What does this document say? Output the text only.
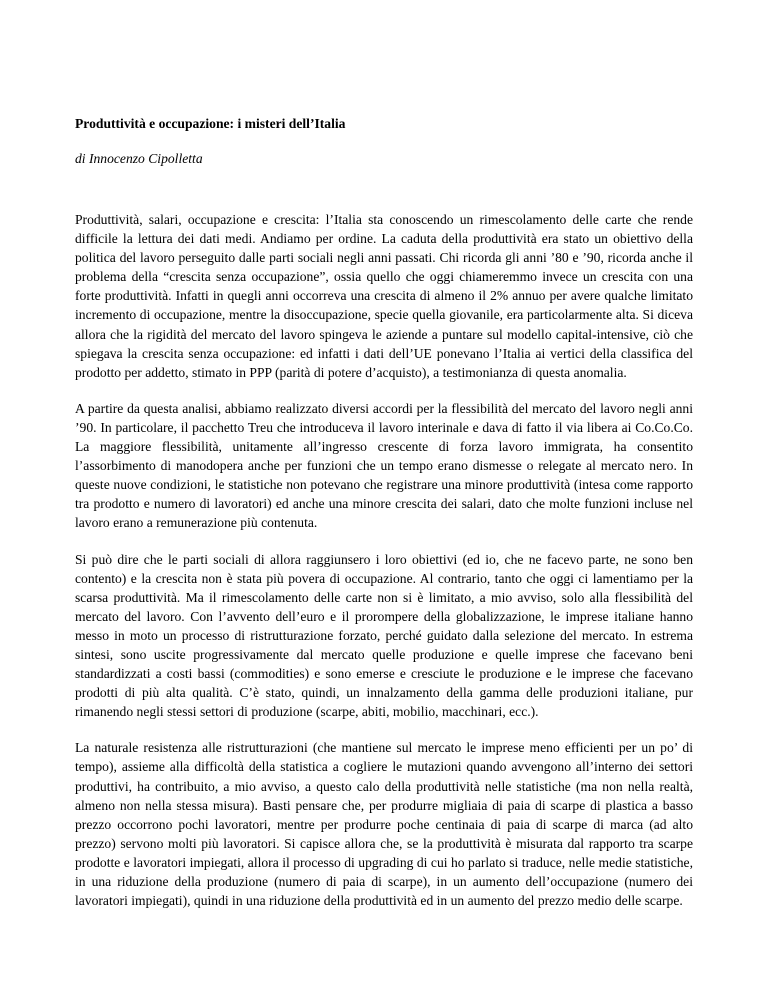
Produttività e occupazione: i misteri dell’Italia
di Innocenzo Cipolletta
Produttività, salari, occupazione e crescita: l’Italia sta conoscendo un rimescolamento delle carte che rende difficile la lettura dei dati medi. Andiamo per ordine. La caduta della produttività era stato un obiettivo della politica del lavoro perseguito dalle parti sociali negli anni passati. Chi ricorda gli anni ’80 e ’90, ricorda anche il problema della “crescita senza occupazione”, ossia quello che oggi chiameremmo invece un crescita con una forte produttività. Infatti in quegli anni occorreva una crescita di almeno il 2% annuo per avere qualche limitato incremento di occupazione, mentre la disoccupazione, specie quella giovanile, era particolarmente alta. Si diceva allora che la rigidità del mercato del lavoro spingeva le aziende a puntare sul modello capital-intensive, ciò che spiegava la crescita senza occupazione: ed infatti i dati dell’UE ponevano l’Italia ai vertici della classifica del prodotto per addetto, stimato in PPP (parità di potere d’acquisto), a testimonianza di questa anomalia.
A partire da questa analisi, abbiamo realizzato diversi accordi per la flessibilità del mercato del lavoro negli anni ’90. In particolare, il pacchetto Treu che introduceva il lavoro interinale e dava di fatto il via libera ai Co.Co.Co. La maggiore flessibilità, unitamente all’ingresso crescente di forza lavoro immigrata, ha consentito l’assorbimento di manodopera anche per funzioni che un tempo erano dismesse o relegate al mercato nero. In queste nuove condizioni, le statistiche non potevano che registrare una minore produttività (intesa come rapporto tra prodotto e numero di lavoratori) ed anche una minore crescita dei salari, dato che molte funzioni incluse nel lavoro erano a remunerazione più contenuta.
Si può dire che le parti sociali di allora raggiunsero i loro obiettivi (ed io, che ne facevo parte, ne sono ben contento) e la crescita non è stata più povera di occupazione. Al contrario, tanto che oggi ci lamentiamo per la scarsa produttività. Ma il rimescolamento delle carte non si è limitato, a mio avviso, solo alla flessibilità del mercato del lavoro. Con l’avvento dell’euro e il prorompere della globalizzazione, le imprese italiane hanno messo in moto un processo di ristrutturazione forzato, perché guidato dalla selezione del mercato. In estrema sintesi, sono uscite progressivamente dal mercato quelle produzione e quelle imprese che facevano beni standardizzati a costi bassi (commodities) e sono emerse e cresciute le produzione e le imprese che facevano prodotti di più alta qualità. C’è stato, quindi, un innalzamento della gamma delle produzioni italiane, pur rimanendo negli stessi settori di produzione (scarpe, abiti, mobilio, macchinari, ecc.).
La naturale resistenza alle ristrutturazioni (che mantiene sul mercato le imprese meno efficienti per un po’ di tempo), assieme alla difficoltà della statistica a cogliere le mutazioni quando avvengono all’interno dei settori produttivi, ha contribuito, a mio avviso, a questo calo della produttività nelle statistiche (ma non nella realtà, almeno non nella stessa misura). Basti pensare che, per produrre migliaia di paia di scarpe di plastica a basso prezzo occorrono pochi lavoratori, mentre per produrre poche centinaia di paia di scarpe di marca (ad alto prezzo) servono molti più lavoratori. Si capisce allora che, se la produttività è misurata dal rapporto tra scarpe prodotte e lavoratori impiegati, allora il processo di upgrading di cui ho parlato si traduce, nelle medie statistiche, in una riduzione della produzione (numero di paia di scarpe), in un aumento dell’occupazione (numero dei lavoratori impiegati), quindi in una riduzione della produttività ed in un aumento del prezzo medio delle scarpe.
